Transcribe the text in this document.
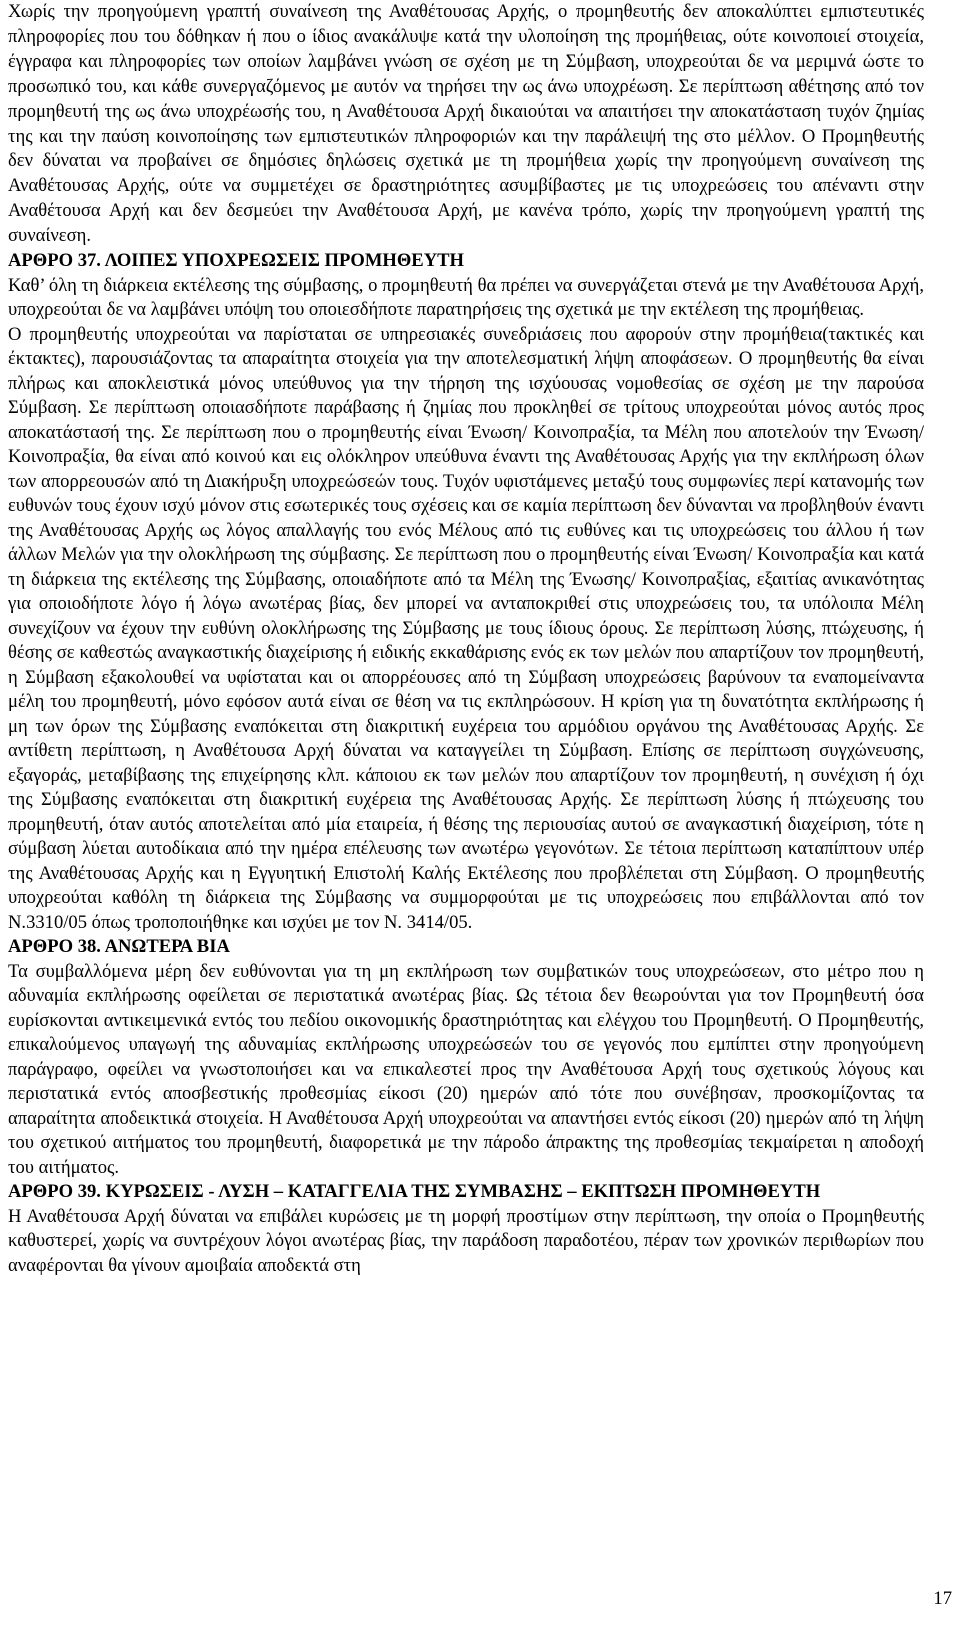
Χωρίς την προηγούμενη γραπτή συναίνεση της Αναθέτουσας Αρχής, ο προμηθευτής δεν αποκαλύπτει εμπιστευτικές πληροφορίες που του δόθηκαν ή που ο ίδιος ανακάλυψε κατά την υλοποίηση της προμήθειας, ούτε κοινοποιεί στοιχεία, έγγραφα και πληροφορίες των οποίων λαμβάνει γνώση σε σχέση με τη Σύμβαση, υποχρεούται δε να μεριμνά ώστε το προσωπικό του, και κάθε συνεργαζόμενος με αυτόν να τηρήσει την ως άνω υποχρέωση. Σε περίπτωση αθέτησης από τον προμηθευτή της ως άνω υποχρέωσής του, η Αναθέτουσα Αρχή δικαιούται να απαιτήσει την αποκατάσταση τυχόν ζημίας της και την παύση κοινοποίησης των εμπιστευτικών πληροφοριών και την παράλειψή της στο μέλλον. Ο Προμηθευτής δεν δύναται να προβαίνει σε δημόσιες δηλώσεις σχετικά με τη προμήθεια χωρίς την προηγούμενη συναίνεση της Αναθέτουσας Αρχής, ούτε να συμμετέχει σε δραστηριότητες ασυμβίβαστες με τις υποχρεώσεις του απέναντι στην Αναθέτουσα Αρχή και δεν δεσμεύει την Αναθέτουσα Αρχή, με κανένα τρόπο, χωρίς την προηγούμενη γραπτή της συναίνεση.

ΑΡΘΡΟ 37. ΛΟΙΠΕΣ ΥΠΟΧΡΕΩΣΕΙΣ ΠΡΟΜΗΘΕΥΤΗ

Καθ’ όλη τη διάρκεια εκτέλεσης της σύμβασης, ο προμηθευτή θα πρέπει να συνεργάζεται στενά με την Αναθέτουσα Αρχή, υποχρεούται δε να λαμβάνει υπόψη του οποιεσδήποτε παρατηρήσεις της σχετικά με την εκτέλεση της προμήθειας.

Ο προμηθευτής υποχρεούται να παρίσταται σε υπηρεσιακές συνεδριάσεις που αφορούν στην προμήθεια(τακτικές και έκτακτες), παρουσιάζοντας τα απαραίτητα στοιχεία για την αποτελεσματική λήψη αποφάσεων. Ο προμηθευτής θα είναι πλήρως και αποκλειστικά μόνος υπεύθυνος για την τήρηση της ισχύουσας νομοθεσίας σε σχέση με την παρούσα Σύμβαση. Σε περίπτωση οποιασδήποτε παράβασης ή ζημίας που προκληθεί σε τρίτους υποχρεούται μόνος αυτός προς αποκατάστασή της. Σε περίπτωση που ο προμηθευτής είναι Ένωση/ Κοινοπραξία, τα Μέλη που αποτελούν την Ένωση/ Κοινοπραξία, θα είναι από κοινού και εις ολόκληρον υπεύθυνα έναντι της Αναθέτουσας Αρχής για την εκπλήρωση όλων των απορρεουσών από τη Διακήρυξη υποχρεώσεών τους. Τυχόν υφιστάμενες μεταξύ τους συμφωνίες περί κατανομής των ευθυνών τους έχουν ισχύ μόνον στις εσωτερικές τους σχέσεις και σε καμία περίπτωση δεν δύνανται να προβληθούν έναντι της Αναθέτουσας Αρχής ως λόγος απαλλαγής του ενός Μέλους από τις ευθύνες και τις υποχρεώσεις του άλλου ή των άλλων Μελών για την ολοκλήρωση της σύμβασης. Σε περίπτωση που ο προμηθευτής είναι Ένωση/ Κοινοπραξία και κατά τη διάρκεια της εκτέλεσης της Σύμβασης, οποιαδήποτε από τα Μέλη της Ένωσης/ Κοινοπραξίας, εξαιτίας ανικανότητας για οποιοδήποτε λόγο ή λόγω ανωτέρας βίας, δεν μπορεί να ανταποκριθεί στις υποχρεώσεις του, τα υπόλοιπα Μέλη συνεχίζουν να έχουν την ευθύνη ολοκλήρωσης της Σύμβασης με τους ίδιους όρους. Σε περίπτωση λύσης, πτώχευσης, ή θέσης σε καθεστώς αναγκαστικής διαχείρισης ή ειδικής εκκαθάρισης ενός εκ των μελών που απαρτίζουν τον προμηθευτή, η Σύμβαση εξακολουθεί να υφίσταται και οι απορρέουσες από τη Σύμβαση υποχρεώσεις βαρύνουν τα εναπομείναντα μέλη του προμηθευτή, μόνο εφόσον αυτά είναι σε θέση να τις εκπληρώσουν. Η κρίση για τη δυνατότητα εκπλήρωσης ή μη των όρων της Σύμβασης εναπόκειται στη διακριτική ευχέρεια του αρμόδιου οργάνου της Αναθέτουσας Αρχής. Σε αντίθετη περίπτωση, η Αναθέτουσα Αρχή δύναται να καταγγείλει τη Σύμβαση. Επίσης σε περίπτωση συγχώνευσης, εξαγοράς, μεταβίβασης της επιχείρησης κλπ. κάποιου εκ των μελών που απαρτίζουν τον προμηθευτή, η συνέχιση ή όχι της Σύμβασης εναπόκειται στη διακριτική ευχέρεια της Αναθέτουσας Αρχής. Σε περίπτωση λύσης ή πτώχευσης του προμηθευτή, όταν αυτός αποτελείται από μία εταιρεία, ή θέσης της περιουσίας αυτού σε αναγκαστική διαχείριση, τότε η σύμβαση λύεται αυτοδίκαια από την ημέρα επέλευσης των ανωτέρω γεγονότων. Σε τέτοια περίπτωση καταπίπτουν υπέρ της Αναθέτουσας Αρχής και η Εγγυητική Επιστολή Καλής Εκτέλεσης που προβλέπεται στη Σύμβαση. Ο προμηθευτής υποχρεούται καθόλη τη διάρκεια της Σύμβασης να συμμορφούται με τις υποχρεώσεις που επιβάλλονται από τον Ν.3310/05 όπως τροποποιήθηκε και ισχύει με τον Ν. 3414/05.

ΑΡΘΡΟ 38. ΑΝΩΤΕΡΑ ΒΙΑ

Τα συμβαλλόμενα μέρη δεν ευθύνονται για τη μη εκπλήρωση των συμβατικών τους υποχρεώσεων, στο μέτρο που η αδυναμία εκπλήρωσης οφείλεται σε περιστατικά ανωτέρας βίας. Ως τέτοια δεν θεωρούνται για τον Προμηθευτή όσα ευρίσκονται αντικειμενικά εντός του πεδίου οικονομικής δραστηριότητας και ελέγχου του Προμηθευτή. Ο Προμηθευτής, επικαλούμενος υπαγωγή της αδυναμίας εκπλήρωσης υποχρεώσεών του σε γεγονός που εμπίπτει στην προηγούμενη παράγραφο, οφείλει να γνωστοποιήσει και να επικαλεστεί προς την Αναθέτουσα Αρχή τους σχετικούς λόγους και περιστατικά εντός αποσβεστικής προθεσμίας είκοσι (20) ημερών από τότε που συνέβησαν, προσκομίζοντας τα απαραίτητα αποδεικτικά στοιχεία. Η Αναθέτουσα Αρχή υποχρεούται να απαντήσει εντός είκοσι (20) ημερών από τη λήψη του σχετικού αιτήματος του προμηθευτή, διαφορετικά με την πάροδο άπρακτης της προθεσμίας τεκμαίρεται η αποδοχή του αιτήματος.

ΑΡΘΡΟ 39. ΚΥΡΩΣΕΙΣ - ΛΥΣΗ – ΚΑΤΑΓΓΕΛΙΑ ΤΗΣ ΣΥΜΒΑΣΗΣ – ΕΚΠΤΩΣΗ ΠΡΟΜΗΘΕΥΤΗ

Η Αναθέτουσα Αρχή δύναται να επιβάλει κυρώσεις με τη μορφή προστίμων στην περίπτωση, την οποία ο Προμηθευτής καθυστερεί, χωρίς να συντρέχουν λόγοι ανωτέρας βίας, την παράδοση παραδοτέου, πέραν των χρονικών περιθωρίων που αναφέρονται θα γίνουν αμοιβαία αποδεκτά στη

17
